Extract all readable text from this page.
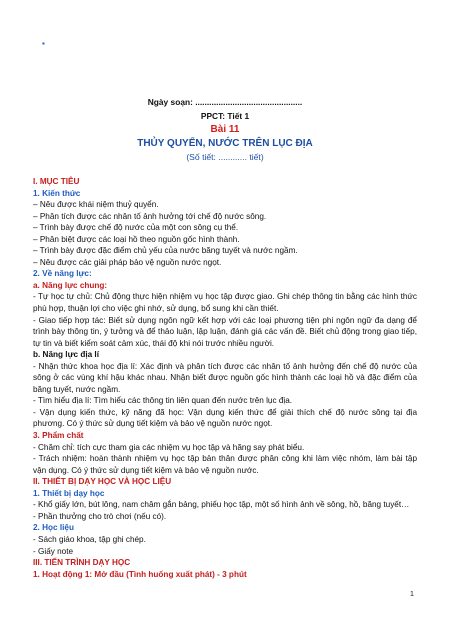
▪
Ngày soạn: ..............................................
PPCT: Tiết 1
Bài 11
THỦY QUYỂN, NƯỚC TRÊN LỤC ĐỊA
(Số tiết: ............ tiết)

I. MỤC TIÊU

1. Kiến thức

– Nêu được khái niệm thuỷ quyển.

– Phân tích được các nhân tố ảnh hưởng tới chế độ nước sông.

– Trình bày được chế độ nước của một con sông cụ thể.

– Phân biệt được các loại hồ theo nguồn gốc hình thành.

– Trình bày được đặc điểm chủ yếu của nước băng tuyết và nước ngầm.

– Nêu được các giải pháp bảo vệ nguồn nước ngọt.

2. Về năng lực:

a. Năng lực chung:

- Tự học tự chủ: Chủ động thực hiện nhiệm vụ học tập được giao. Ghi chép thông tin bằng các hình thức phù hợp, thuận lợi cho việc ghi nhớ, sử dụng, bổ sung khi cần thiết.

- Giao tiếp hợp tác: Biết sử dụng ngôn ngữ kết hợp với các loại phương tiện phi ngôn ngữ đa dạng để trình bày thông tin, ý tưởng và để thảo luận, lập luận, đánh giá các vấn đề. Biết chủ động trong giao tiếp, tự tin và biết kiểm soát cảm xúc, thái độ khi nói trước nhiều người.

b. Năng lực địa lí

- Nhận thức khoa học địa lí: Xác định và phân tích được các nhân tố ảnh hưởng đến chế độ nước của sông ở các vùng khí hậu khác nhau. Nhận biết được nguồn gốc hình thành các loại hồ và đặc điểm của băng tuyết, nước ngầm.

- Tìm hiểu địa lí: Tìm hiểu các thông tin liên quan đến nước trên lục địa.

- Vận dụng kiến thức, kỹ năng đã học: Vận dụng kiến thức để giải thích chế độ nước sông tại địa phương. Có ý thức sử dụng tiết kiệm và bảo vệ nguồn nước ngọt.

3. Phẩm chất

- Chăm chỉ: tích cực tham gia các nhiệm vụ học tập và hăng say phát biểu.

- Trách nhiệm: hoàn thành nhiệm vụ học tập bản thân được phân công khi làm việc nhóm, làm bài tập vận dụng. Có ý thức sử dụng tiết kiệm và bảo vệ nguồn nước.

II. THIẾT BỊ DẠY HỌC VÀ HỌC LIỆU

1. Thiết bị dạy học

- Khổ giấy lớn, bút lông, nam châm gắn bảng, phiếu học tập, một số hình ảnh về sông, hồ, băng tuyết…

- Phần thưởng cho trò chơi (nếu có).

2. Học liệu

- Sách giáo khoa, tập ghi chép.

- Giấy note

III. TIẾN TRÌNH DẠY HỌC

1. Hoạt động 1: Mở đầu (Tình huống xuất phát) - 3 phút

1
